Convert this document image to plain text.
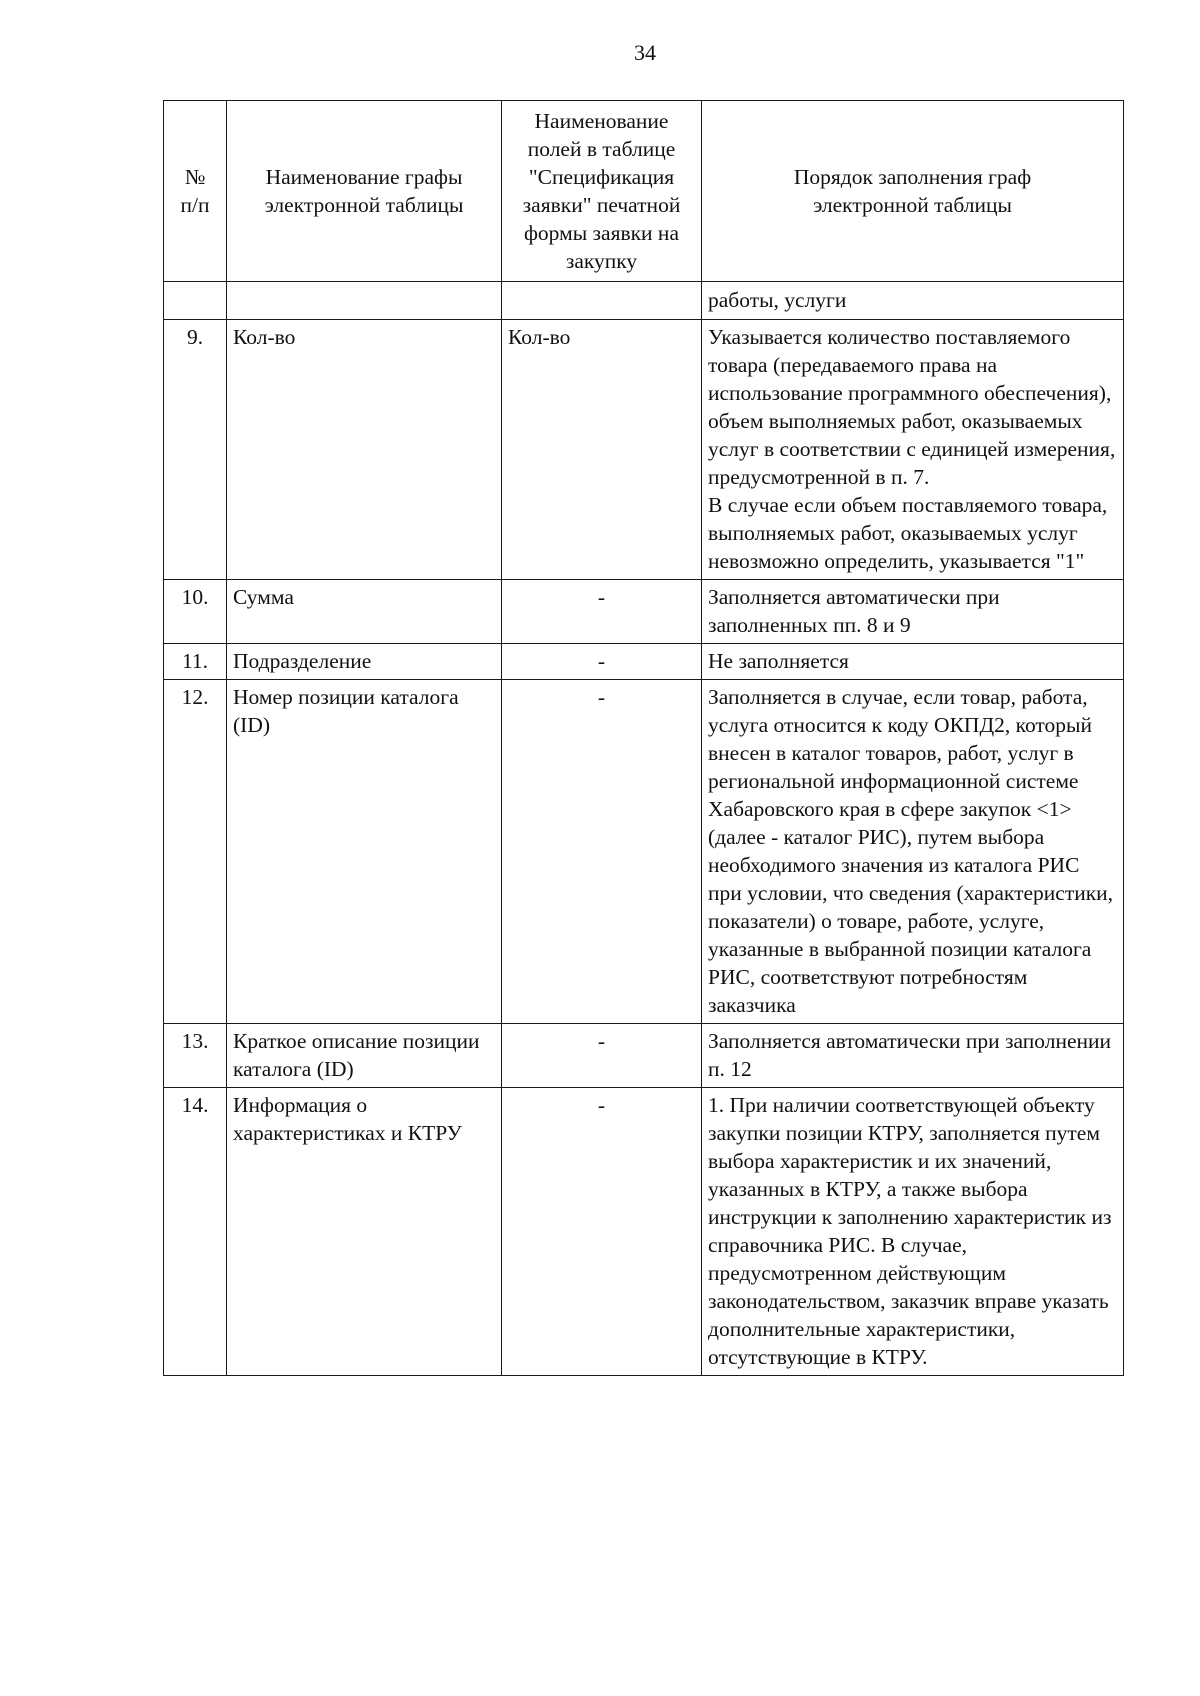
34
№
п/п	Наименование графы электронной таблицы	Наименование полей в таблице "Спецификация заявки" печатной формы заявки на закупку	Порядок заполнения граф электронной таблицы
			работы, услуги
9.	Кол-во	Кол-во	Указывается количество поставляемого товара (передаваемого права на использование программного обеспечения), объем выполняемых работ, оказываемых услуг в соответствии с единицей измерения, предусмотренной в п. 7.
В случае если объем поставляемого товара, выполняемых работ, оказываемых услуг невозможно определить, указывается "1"

10.	Сумма	-	Заполняется автоматически при заполненных пп. 8 и 9

11.	Подразделение	-	Не заполняется

12.	Номер позиции каталога (ID)	-	Заполняется в случае, если товар, работа, услуга относится к коду ОКПД2, который внесен в каталог товаров, работ, услуг в региональной информационной системе Хабаровского края в сфере закупок <1> (далее - каталог РИС), путем выбора необходимого значения из каталога РИС при условии, что сведения (характеристики, показатели) о товаре, работе, услуге, указанные в выбранной позиции каталога РИС, соответствуют потребностям заказчика

13.	Краткое описание позиции каталога (ID)	-	Заполняется автоматически при заполнении п. 12

14.	Информация о характеристиках и КТРУ	-	1. При наличии соответствующей объекту закупки позиции КТРУ, заполняется путем выбора характеристик и их значений, указанных в КТРУ, а также выбора инструкции к заполнению характеристик из справочника РИС. В случае, предусмотренном действующим законодательством, заказчик вправе указать дополнительные характеристики, отсутствующие в КТРУ.
